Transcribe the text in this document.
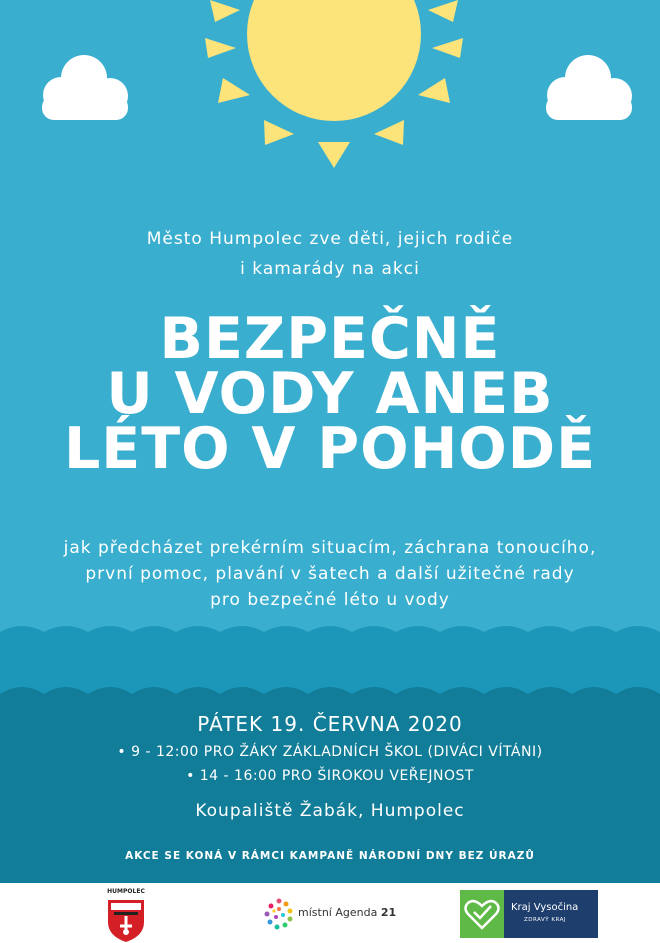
Město Humpolec zve děti, jejich rodiče
i kamarády na akci
BEZPEČNĚ
U VODY ANEB
LÉTO V POHODĚ
jak předcházet prekérním situacím, záchrana tonoucího,
první pomoc, plavání v šatech a další užitečné rady
pro bezpečné léto u vody
PÁTEK 19. ČERVNA 2020
• 9 - 12:00 PRO ŽÁKY ZÁKLADNÍCH ŠKOL (DIVÁCI VÍTÁNI)
• 14 - 16:00 PRO ŠIROKOU VEŘEJNOST
Koupaliště Žabák, Humpolec
AKCE SE KONÁ V RÁMCI KAMPANĚ NÁRODNÍ DNY BEZ ÚRAZŮ
HUMPOLEC
místní Agenda 21	Kraj Vysočina
ZDRAVÝ KRAJ
